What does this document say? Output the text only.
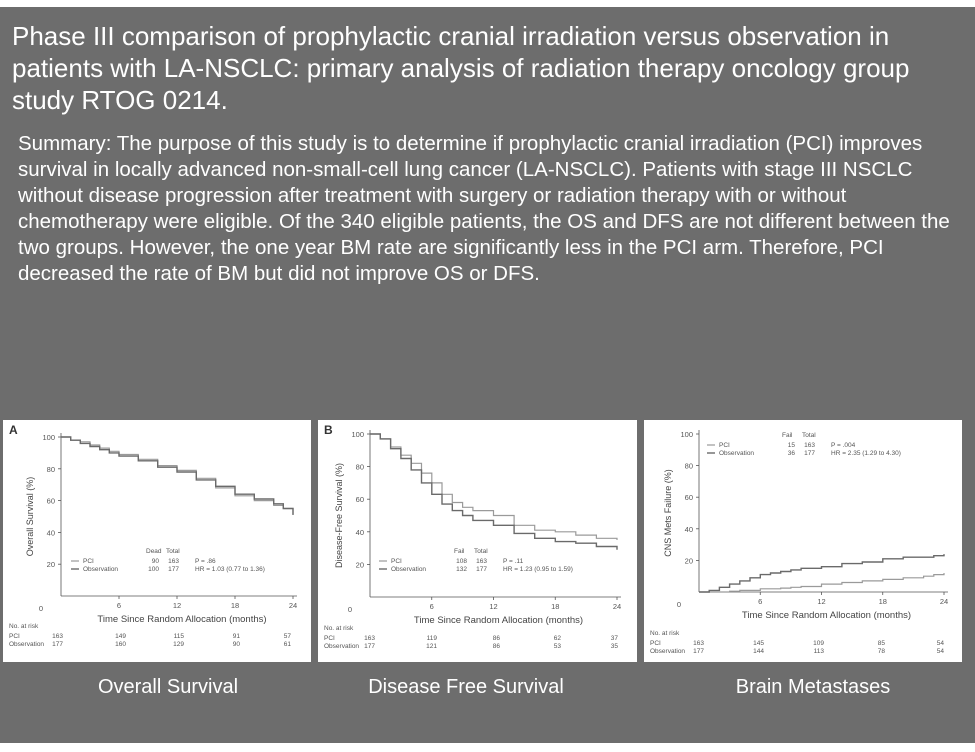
Phase III comparison of prophylactic cranial irradiation versus observation in patients with LA-NSCLC: primary analysis of radiation therapy oncology group study RTOG 0214.

Summary: The purpose of this study is to determine if prophylactic cranial irradiation (PCI) improves survival in locally advanced non-small-cell lung cancer (LA-NSCLC). Patients with stage III NSCLC without disease progression after treatment with surgery or radiation therapy with or without chemotherapy were eligible. Of the 340 eligible patients, the OS and DFS are not different between the two groups. However, the one year BM rate are significantly less in the PCI arm. Therefore, PCI decreased the rate of BM but did not improve OS or DFS.

A
20
40
60
80
100
0	6	12	18	24
Time Since Random Allocation (months)
Overall Survival (%)	Dead Total
PCI	90 163
Observation	100 177
P = .86
HR = 1.03 (0.77 to 1.36)
No. at risk
PCI	163	149	115	91	57
Observation 177	160	129	90	61
B
20
40
60
80
100
0	6	12	18	24
Time Since Random Allocation (months)
Disease-Free Survival (%)	Fail Total
PCI	108 163
Observation	132 177
P = .11
HR = 1.23 (0.95 to 1.59)
No. at risk
PCI	163	119	86	62	37
Observation 177	121	86	53	35
20
40
60
80
100
0	6	12	18	24
Time Since Random Allocation (months)
CNS Mets Failure (%)
Fail Total
PCI	15 163
Observation	36 177
P = .004
HR = 2.35 (1.29 to 4.30)
No. at risk
PCI	163	145	109	85	54
Observation 177	144	113	78	54
Overall Survival	Disease Free Survival	Brain Metastases
